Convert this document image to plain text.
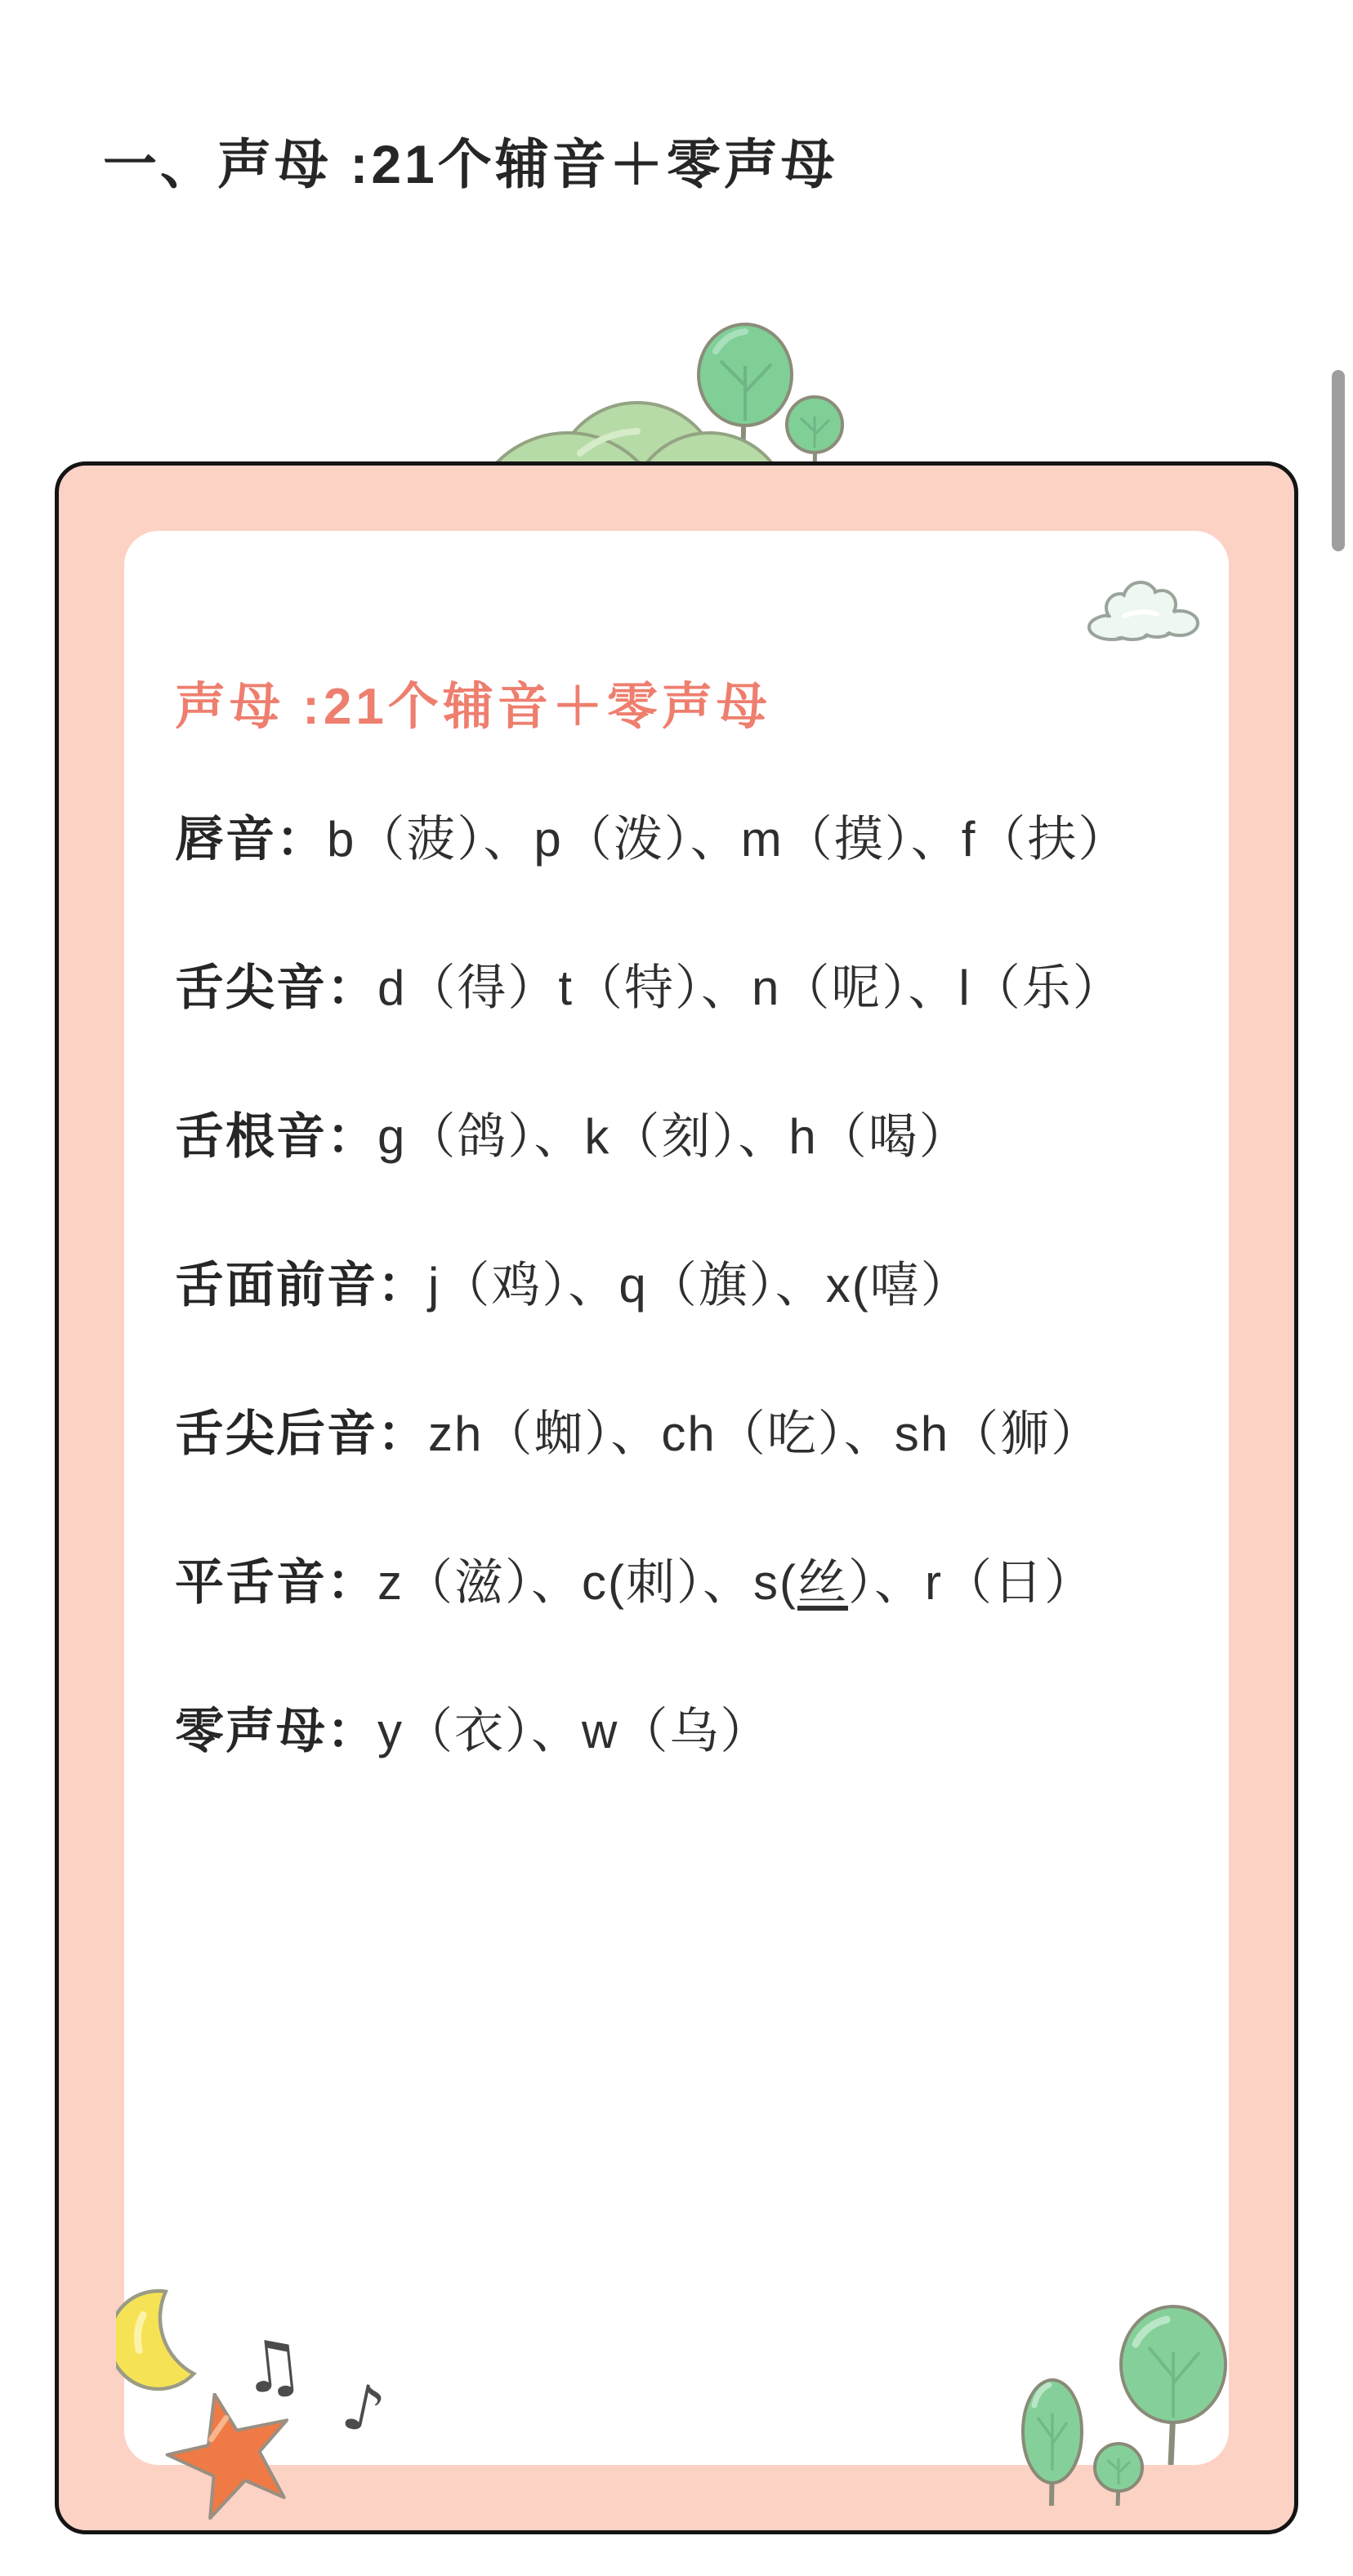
一、声母 :21个辅音＋零声母
声母 :21个辅音＋零声母

唇音：b（菠）、p（泼）、m（摸）、f（扶）

舌尖音：d（得）t（特）、n（呢）、l（乐）

舌根音：g（鸽）、k（刻）、h（喝）

舌面前音：j（鸡）、q（旗）、x(嘻）

舌尖后音：zh（蜘）、ch（吃）、sh（狮）

平舌音：z（滋）、c(刺）、s(丝）、r（日）

零声母：y（衣）、w（乌）

♫ ♪
